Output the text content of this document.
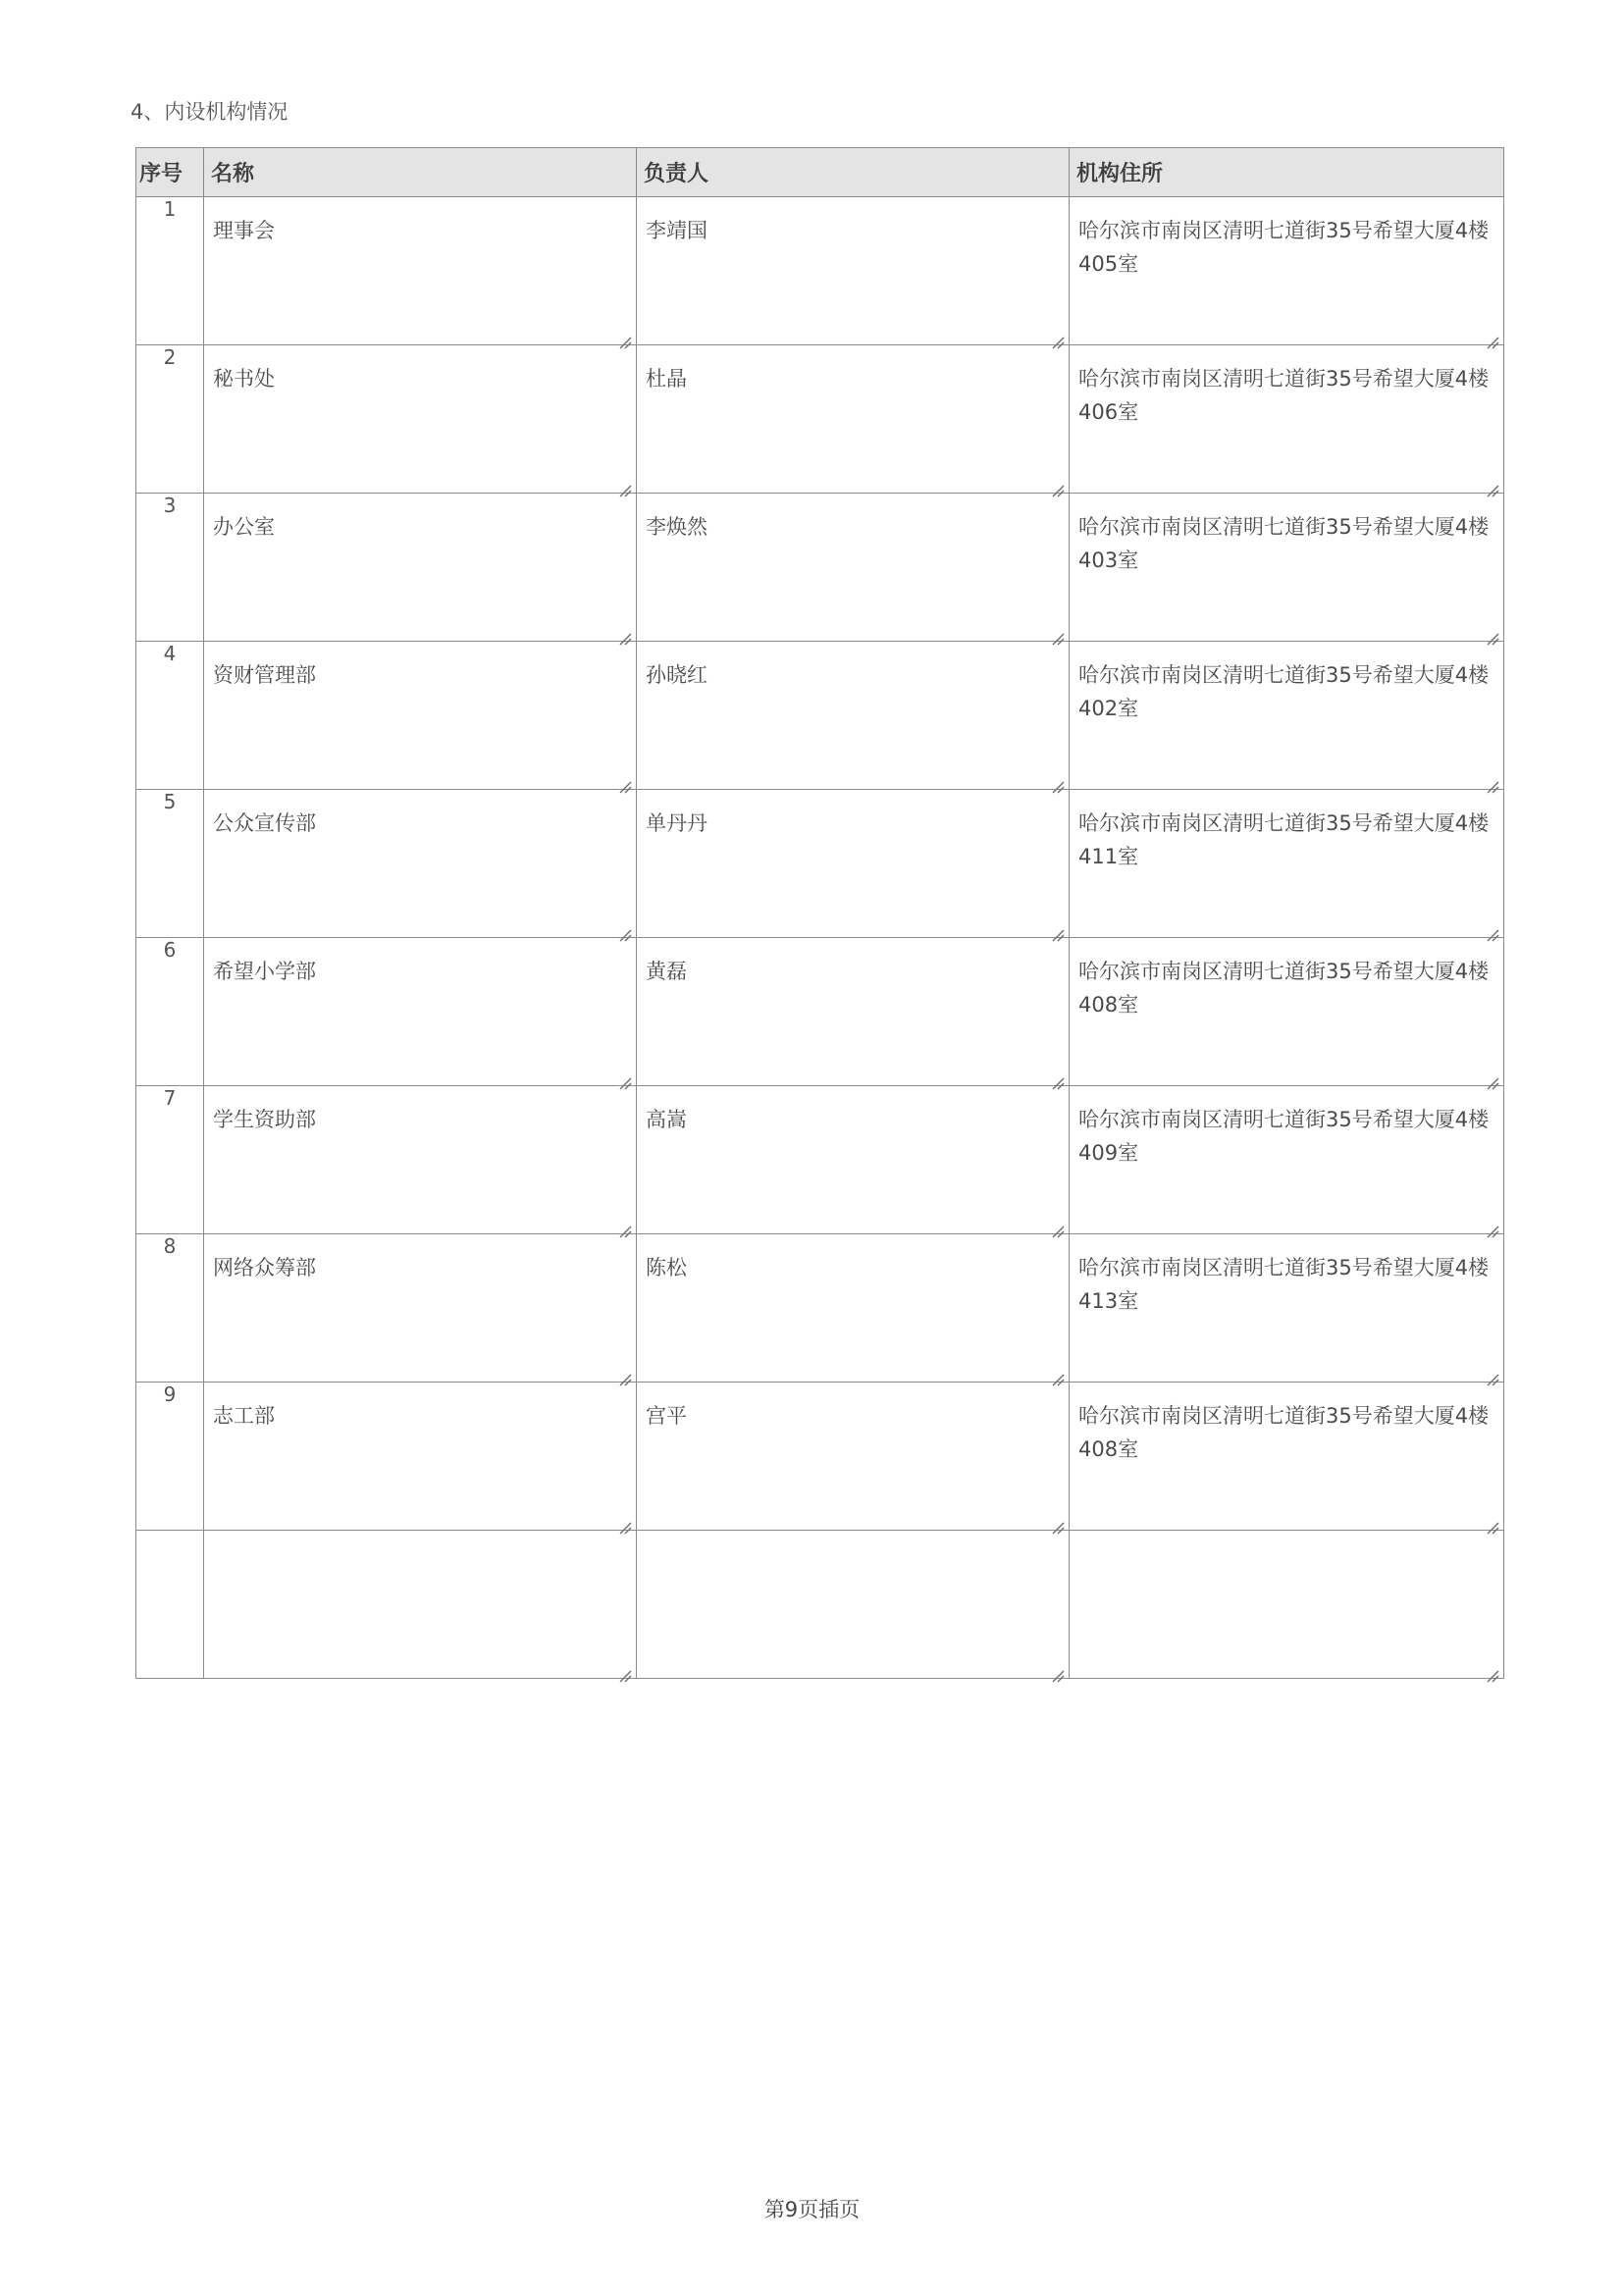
4、内设机构情况
序号	名称	负责人	机构住所
1	理事会	李靖国	哈尔滨市南岗区清明七道街35号希望大厦4楼405室

2	秘书处	杜晶	哈尔滨市南岗区清明七道街35号希望大厦4楼406室

3	办公室	李焕然	哈尔滨市南岗区清明七道街35号希望大厦4楼403室

4	资财管理部	孙晓红	哈尔滨市南岗区清明七道街35号希望大厦4楼402室

5	公众宣传部	单丹丹	哈尔滨市南岗区清明七道街35号希望大厦4楼411室

6	希望小学部	黄磊	哈尔滨市南岗区清明七道街35号希望大厦4楼408室

7	学生资助部	高嵩	哈尔滨市南岗区清明七道街35号希望大厦4楼409室

8	网络众筹部	陈松	哈尔滨市南岗区清明七道街35号希望大厦4楼413室

9	志工部	宫平	哈尔滨市南岗区清明七道街35号希望大厦4楼408室

第9页插页
